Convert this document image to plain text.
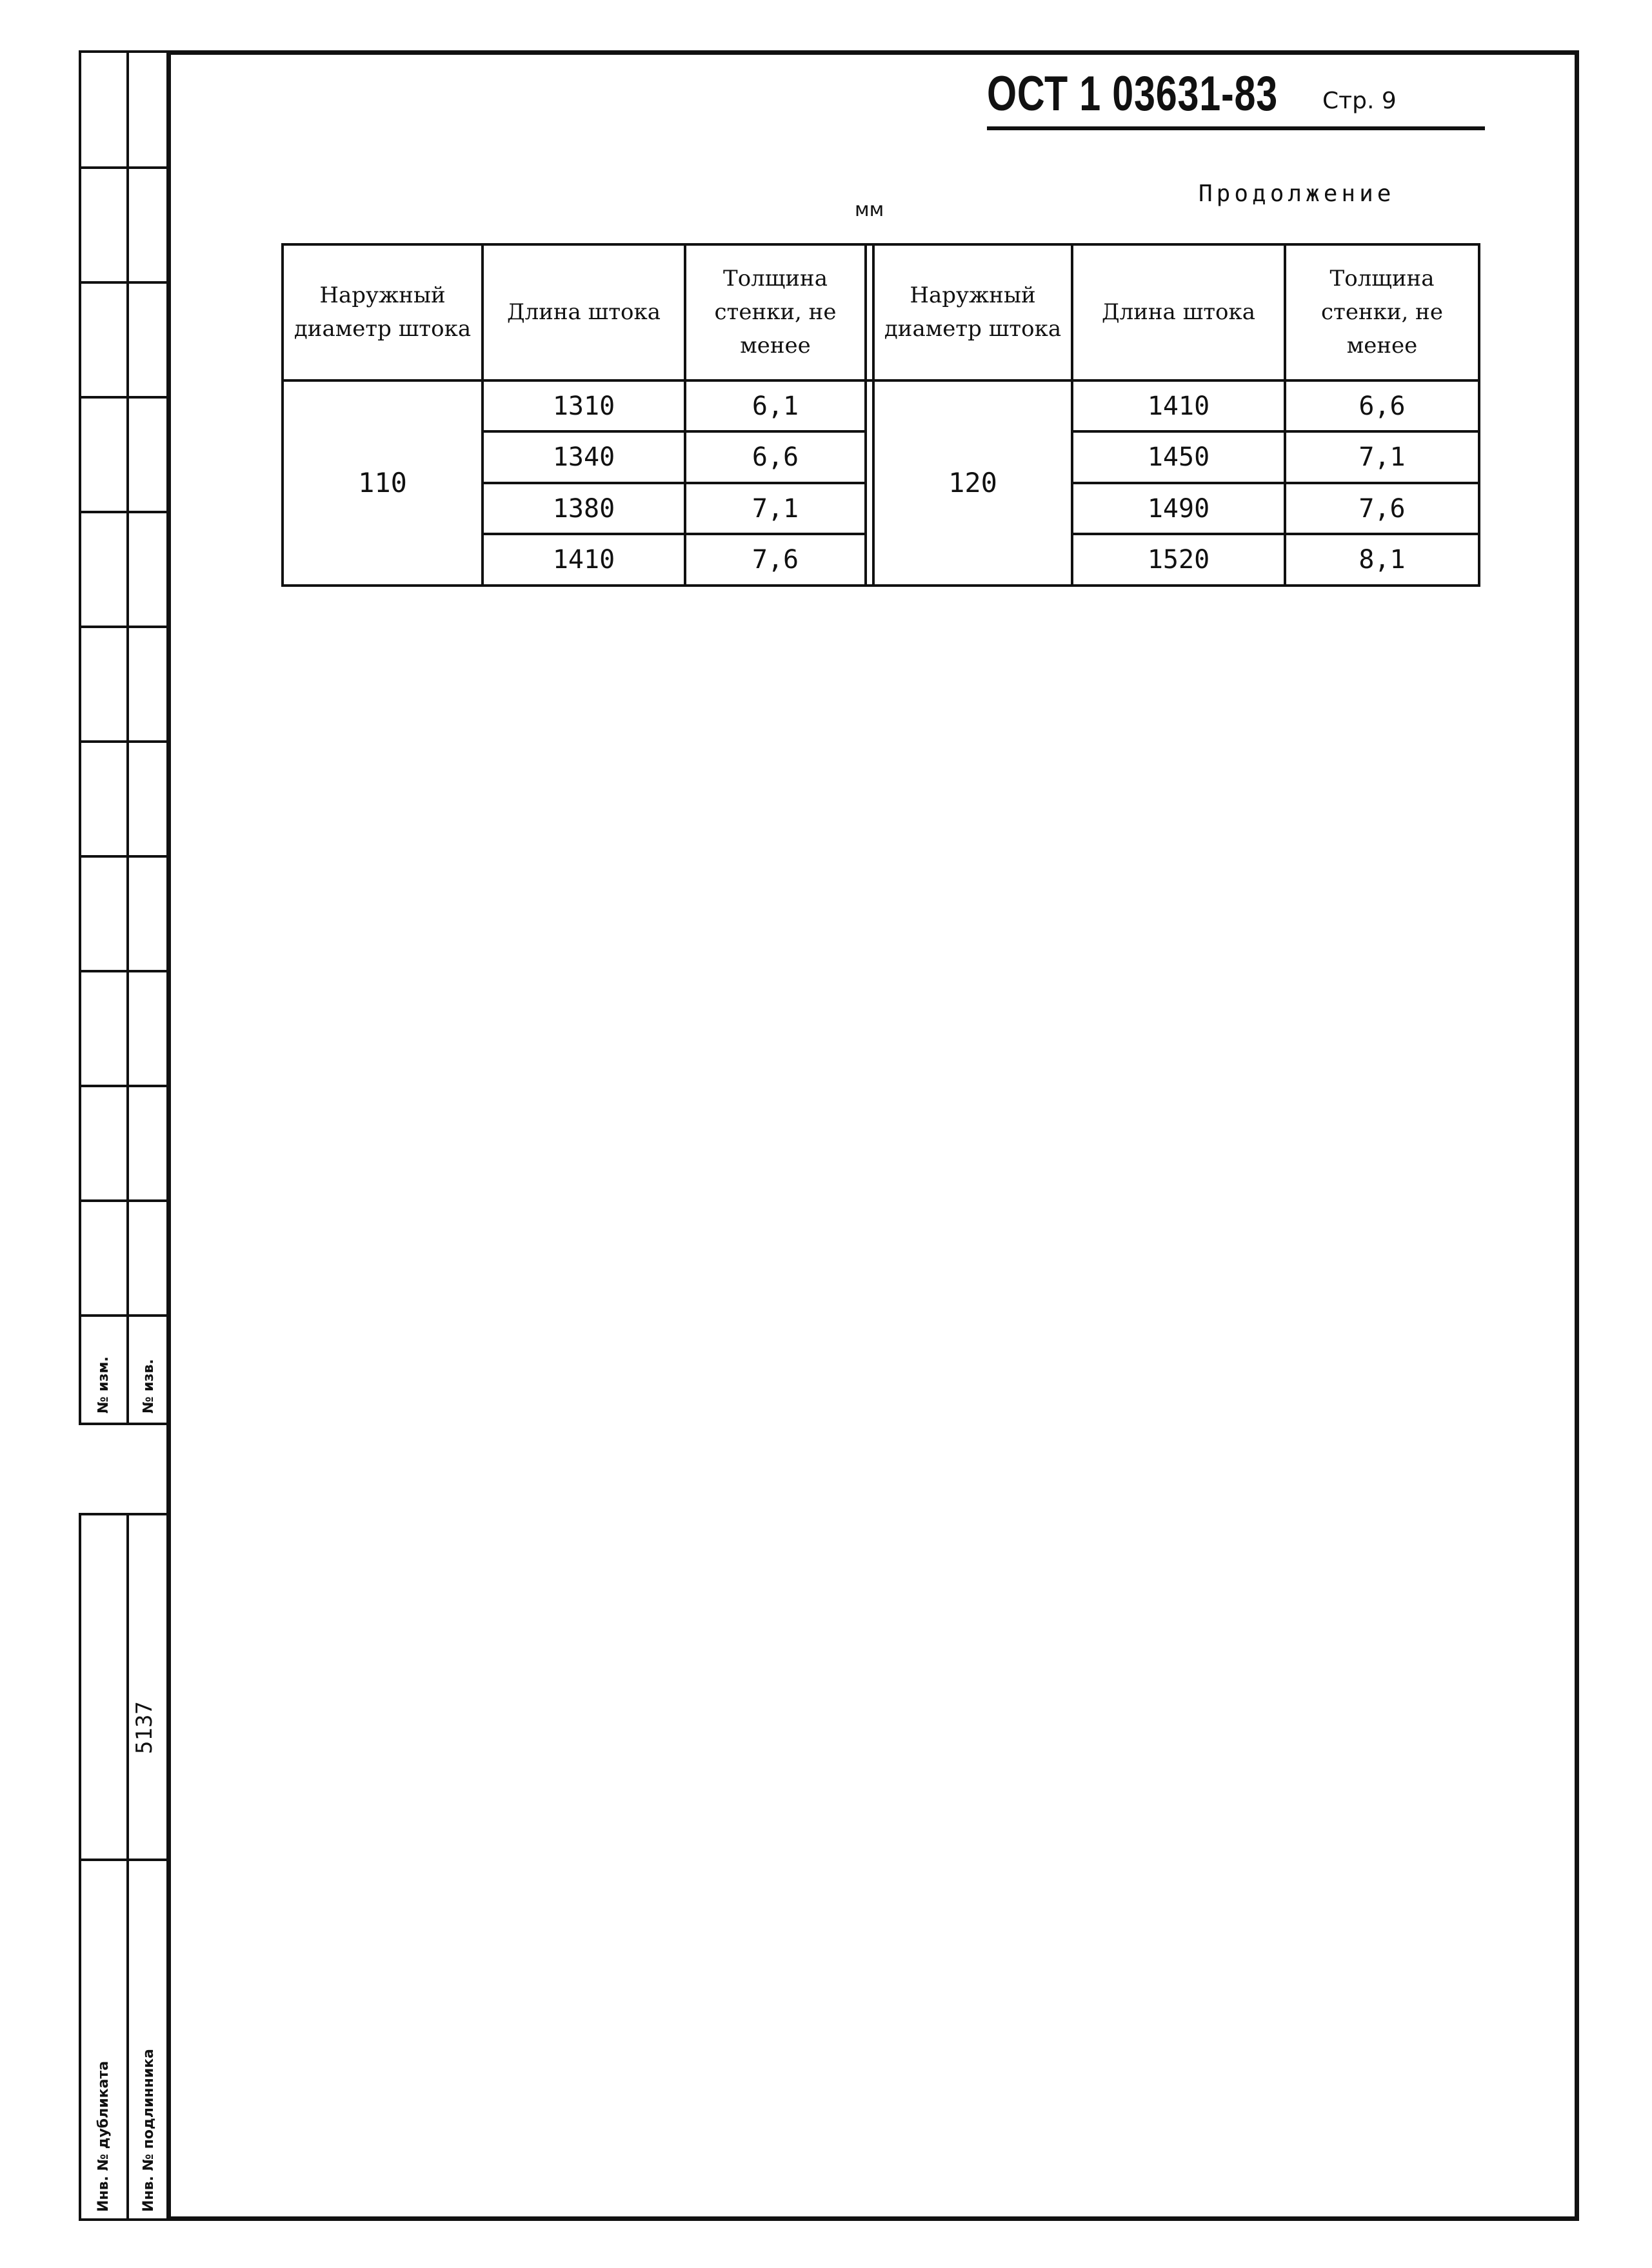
№ изм. № изв.
5137
Инв. № дубликата Инв. № подлинника
ОСТ 1 03631-83 Стр. 9
Продолжение
мм
Наружный диаметр штока	Длина штока	Толщина стенки, не менее		Наружный диаметр штока	Длина штока	Толщина стенки, не менее
110	1310	6,1		120	1410	6,6
	1340	6,6			1450	7,1
	1380	7,1			1490	7,6
	1410	7,6			1520	8,1
